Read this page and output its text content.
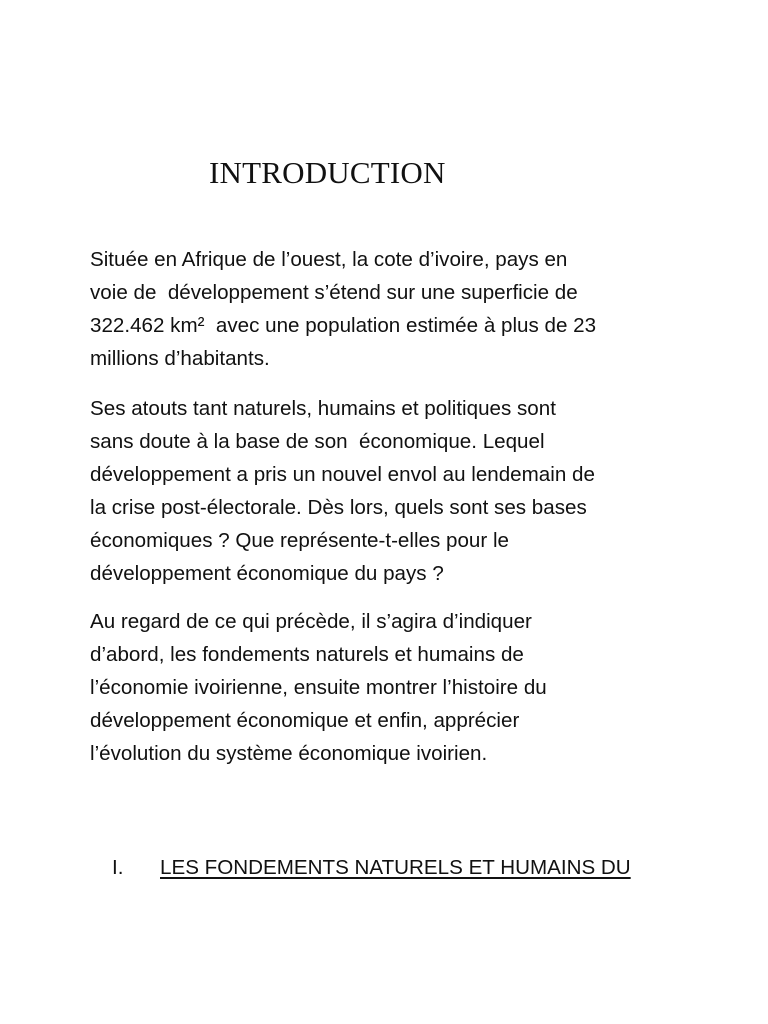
INTRODUCTION

Située en Afrique de l’ouest, la cote d’ivoire, pays en
voie de  développement s’étend sur une superficie de
322.462 km²  avec une population estimée à plus de 23
millions d’habitants.

Ses atouts tant naturels, humains et politiques sont
sans doute à la base de son  économique. Lequel
développement a pris un nouvel envol au lendemain de
la crise post-électorale. Dès lors, quels sont ses bases
économiques ? Que représente-t-elles pour le
développement économique du pays ?

Au regard de ce qui précède, il s’agira d’indiquer
d’abord, les fondements naturels et humains de
l’économie ivoirienne, ensuite montrer l’histoire du
développement économique et enfin, apprécier
l’évolution du système économique ivoirien.

I. LES FONDEMENTS NATURELS ET HUMAINS DU
